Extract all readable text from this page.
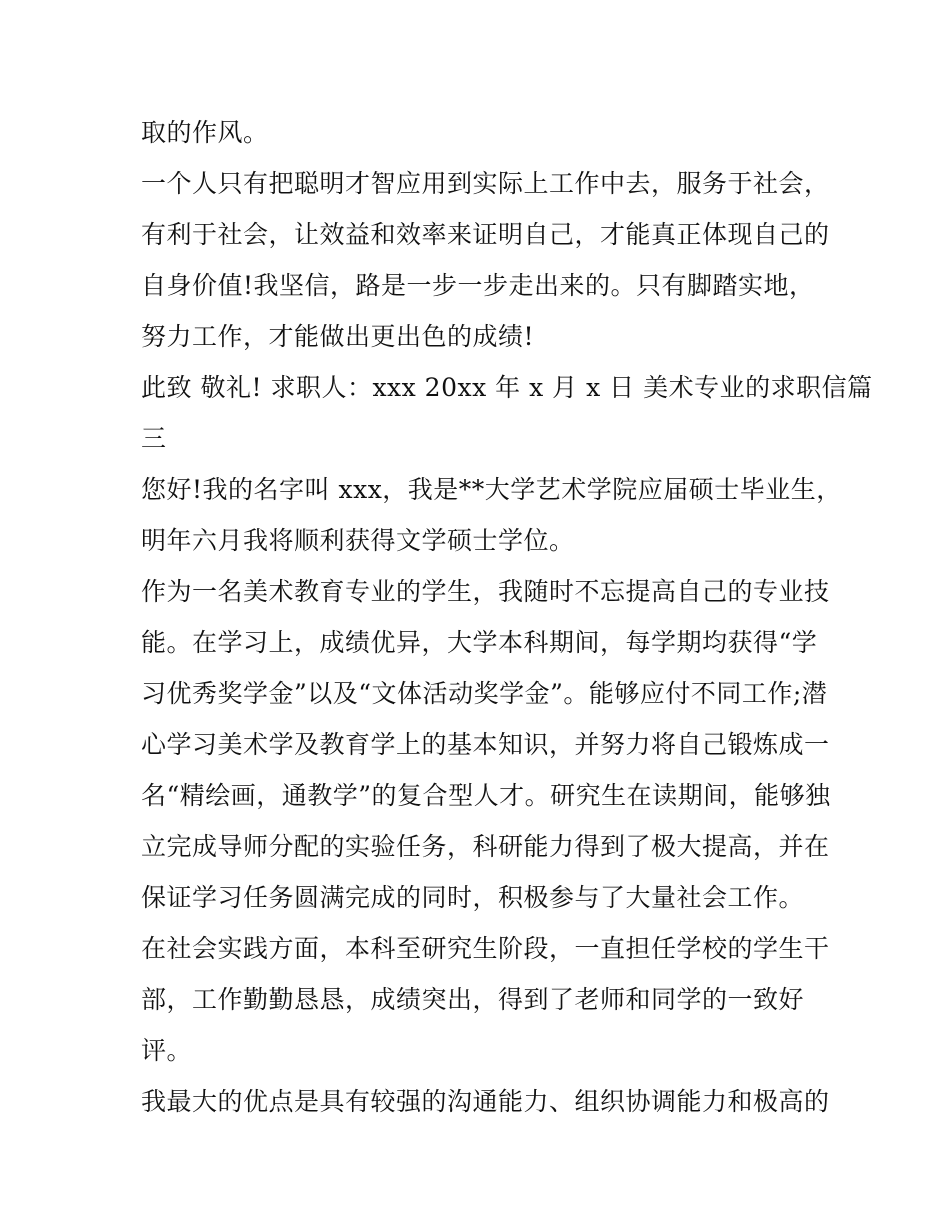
取的作风。
一个人只有把聪明才智应用到实际上工作中去，服务于社会，
有利于社会，让效益和效率来证明自己，才能真正体现自己的
自身价值!我坚信，路是一步一步走出来的。只有脚踏实地，
努力工作，才能做出更出色的成绩!
此致 敬礼! 求职人：xxx 20xx 年 x 月 x 日 美术专业的求职信篇
三
您好!我的名字叫 xxx，我是**大学艺术学院应届硕士毕业生，
明年六月我将顺利获得文学硕士学位。
作为一名美术教育专业的学生，我随时不忘提高自己的专业技
能。在学习上，成绩优异，大学本科期间，每学期均获得“学
习优秀奖学金”以及“文体活动奖学金”。能够应付不同工作;潜
心学习美术学及教育学上的基本知识，并努力将自己锻炼成一
名“精绘画，通教学”的复合型人才。研究生在读期间，能够独
立完成导师分配的实验任务，科研能力得到了极大提高，并在
保证学习任务圆满完成的同时，积极参与了大量社会工作。
在社会实践方面，本科至研究生阶段，一直担任学校的学生干
部，工作勤勤恳恳，成绩突出，得到了老师和同学的一致好
评。
我最大的优点是具有较强的沟通能力、组织协调能力和极高的
